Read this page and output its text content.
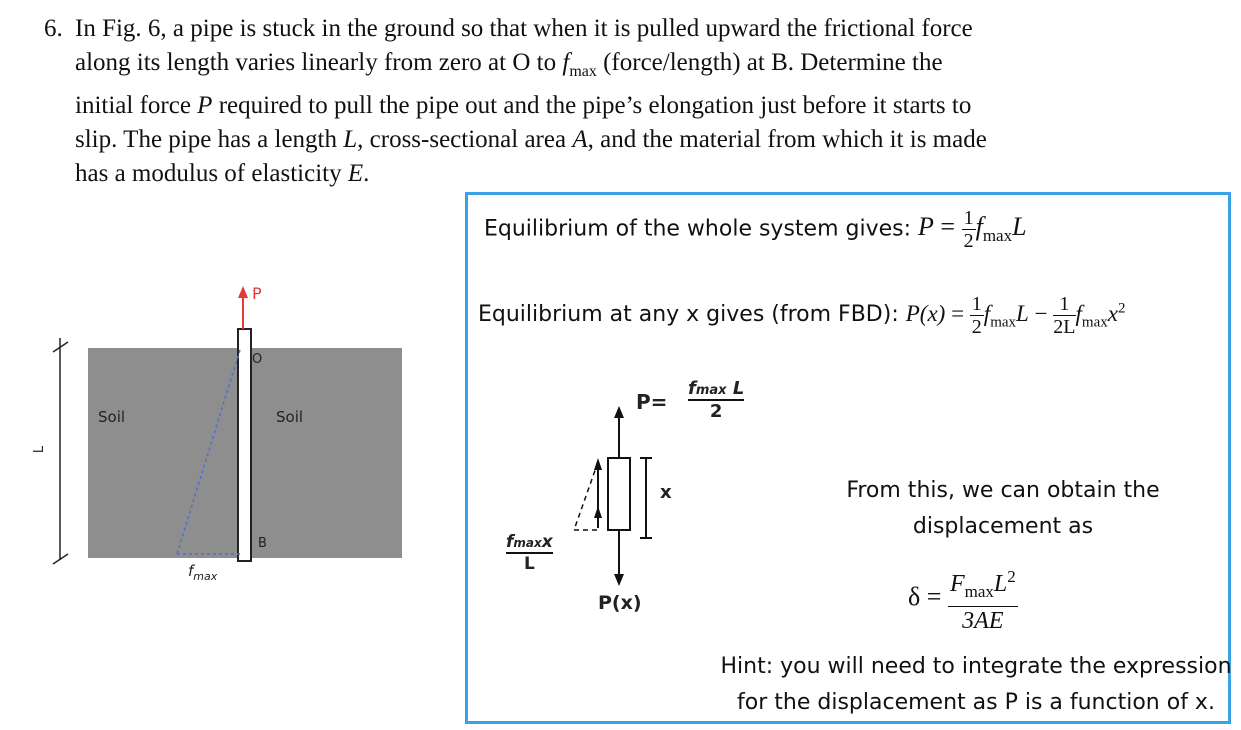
6. In Fig. 6, a pipe is stuck in the ground so that when it is pulled upward the frictional force
along its length varies linearly from zero at O to $f_{max}$ (force/length) at B. Determine the
initial force P required to pull the pipe out and the pipe’s elongation just before it starts to
slip. The pipe has a length L, cross-sectional area A, and the material from which it is made
has a modulus of elasticity E.
P
O
B
Soil	Soil
L
$f_{max}$
Equilibrium of the whole system gives: $P = \frac{1}{2} f_{max}L$
Equilibrium at any x gives (from FBD): $P(x) = \frac{1}{2} f_{max}L - \frac{1}{2L} f_{max}x^2$
P=
fmax L
2
x
fmaxx
L
P(x)
From this, we can obtain the
displacement as
$\delta = \frac{F_{max}L^2}{3AE}$
Hint: you will need to integrate the expression
for the displacement as P is a function of x.
